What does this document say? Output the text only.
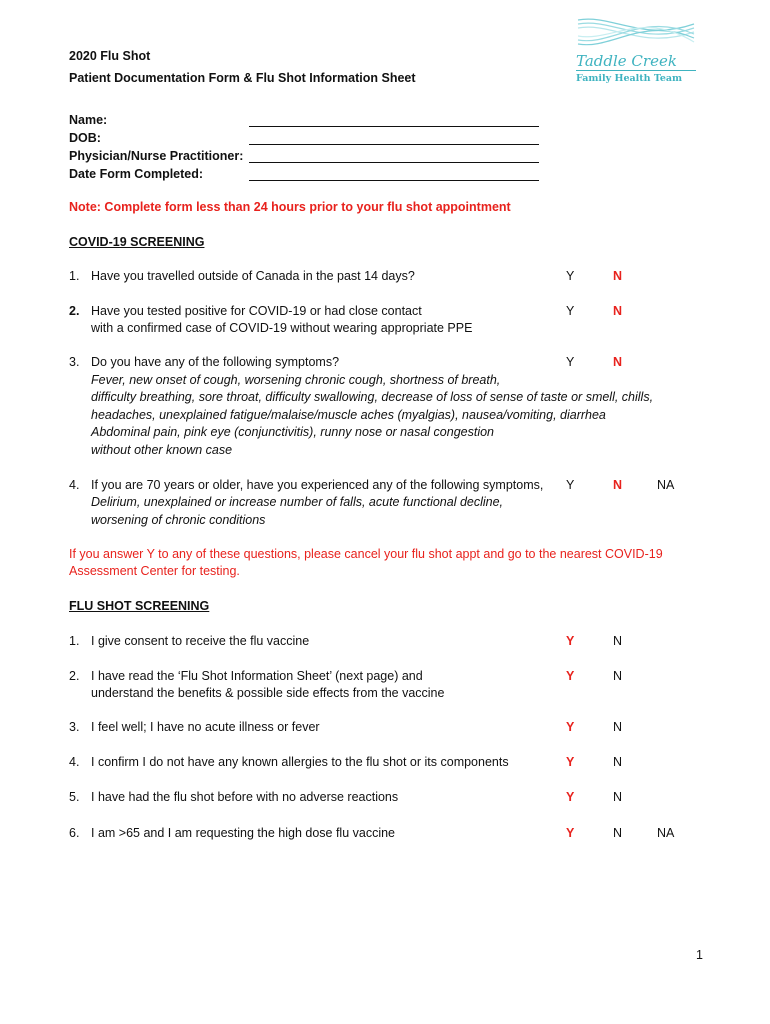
Taddle Creek
Family Health Team
2020 Flu Shot
Patient Documentation Form & Flu Shot Information Sheet
Name:
DOB:
Physician/Nurse Practitioner:
Date Form Completed:
Note: Complete form less than 24 hours prior to your flu shot appointment
COVID-19 SCREENING
1. Have you travelled outside of Canada in the past 14 days?	Y	N
2. Have you tested positive for COVID-19 or had close contact
with a confirmed case of COVID-19 without wearing appropriate PPE
Y	N
3. Do you have any of the following symptoms?
Fever, new onset of cough, worsening chronic cough, shortness of breath,
difficulty breathing, sore throat, difficulty swallowing, decrease of loss of sense of taste or smell, chills,
headaches, unexplained fatigue/malaise/muscle aches (myalgias), nausea/vomiting, diarrhea
Abdominal pain, pink eye (conjunctivitis), runny nose or nasal congestion
without other known case
Y	N
4. If you are 70 years or older, have you experienced any of the following symptoms,
Delirium, unexplained or increase number of falls, acute functional decline,
worsening of chronic conditions
Y	N	NA
If you answer Y to any of these questions, please cancel your flu shot appt and go to the nearest COVID-19
Assessment Center for testing.
FLU SHOT SCREENING
1. I give consent to receive the flu vaccine	Y	N
2. I have read the ‘Flu Shot Information Sheet’ (next page) and
understand the benefits & possible side effects from the vaccine
Y	N
3. I feel well; I have no acute illness or fever	Y	N
4. I confirm I do not have any known allergies to the flu shot or its components	Y	N
5. I have had the flu shot before with no adverse reactions	Y	N
6. I am >65 and I am requesting the high dose flu vaccine	Y	N	NA
1
